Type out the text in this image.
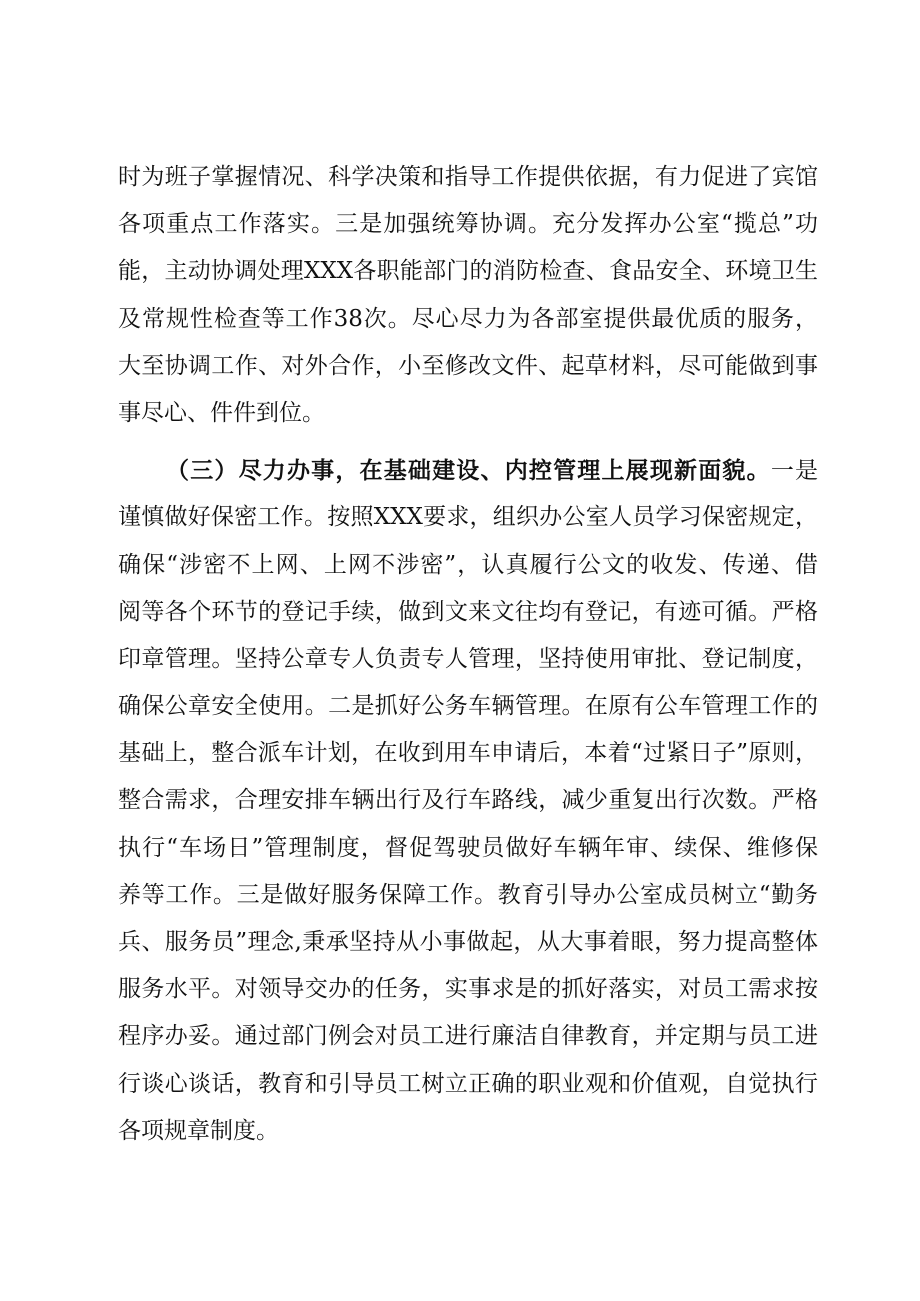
时为班子掌握情况、科学决策和指导工作提供依据，有力促进了宾馆
各项重点工作落实。三是加强统筹协调。充分发挥办公室“揽总”功
能，主动协调处理XXX各职能部门的消防检查、食品安全、环境卫生
及常规性检查等工作38次。尽心尽力为各部室提供最优质的服务，
大至协调工作、对外合作，小至修改文件、起草材料，尽可能做到事
事尽心、件件到位。
（三）尽力办事，在基础建设、内控管理上展现新面貌。一是
谨慎做好保密工作。按照XXX要求，组织办公室人员学习保密规定，
确保“涉密不上网、上网不涉密”，认真履行公文的收发、传递、借
阅等各个环节的登记手续，做到文来文往均有登记，有迹可循。严格
印章管理。坚持公章专人负责专人管理，坚持使用审批、登记制度，
确保公章安全使用。二是抓好公务车辆管理。在原有公车管理工作的
基础上，整合派车计划，在收到用车申请后，本着“过紧日子”原则，
整合需求，合理安排车辆出行及行车路线，减少重复出行次数。严格
执行“车场日”管理制度，督促驾驶员做好车辆年审、续保、维修保
养等工作。三是做好服务保障工作。教育引导办公室成员树立“勤务
兵、服务员”理念,秉承坚持从小事做起，从大事着眼，努力提高整体
服务水平。对领导交办的任务，实事求是的抓好落实，对员工需求按
程序办妥。通过部门例会对员工进行廉洁自律教育，并定期与员工进
行谈心谈话，教育和引导员工树立正确的职业观和价值观，自觉执行
各项规章制度。
